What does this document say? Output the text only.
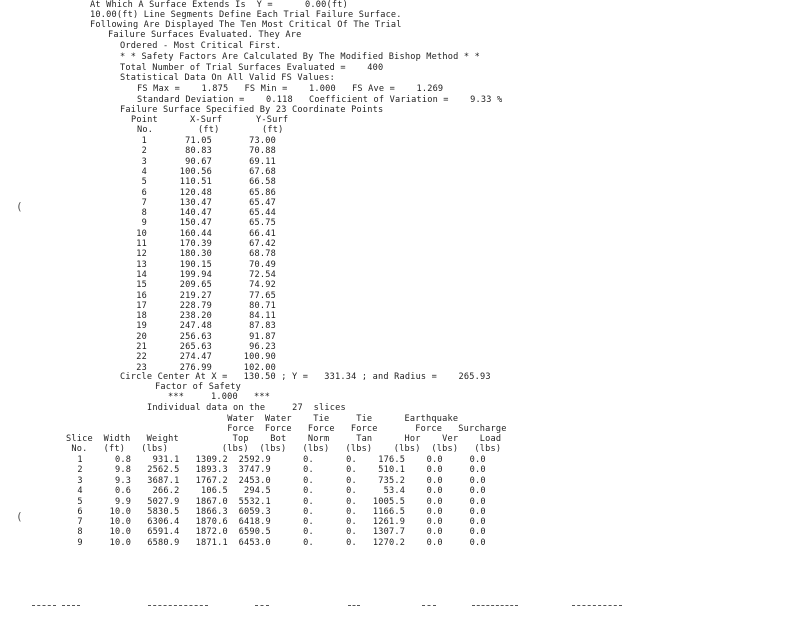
At Which A Surface Extends Is  Y =      0.00(ft)
10.00(ft) Line Segments Define Each Trial Failure Surface.
Following Are Displayed The Ten Most Critical Of The Trial
Failure Surfaces Evaluated. They Are
Ordered - Most Critical First.
* * Safety Factors Are Calculated By The Modified Bishop Method * *
Total Number of Trial Surfaces Evaluated =    400
Statistical Data On All Valid FS Values:
FS Max =    1.875   FS Min =    1.000   FS Ave =    1.269
Standard Deviation =    0.118   Coefficient of Variation =    9.33 %
Failure Surface Specified By 23 Coordinate Points
Point	X-Surf	Y-Surf
No.	(ft)	(ft)
1	71.05	73.00
2	80.83	70.88
3	90.67	69.11
4	100.56	67.68
5	110.51	66.58
6	120.48	65.86
7	130.47	65.47
8	140.47	65.44
9	150.47	65.75
10	160.44	66.41
11	170.39	67.42
12	180.30	68.78
13	190.15	70.49
14	199.94	72.54
15	209.65	74.92
16	219.27	77.65
17	228.79	80.71
18	238.20	84.11
19	247.48	87.83
20	256.63	91.87
21	265.63	96.23
22	274.47	100.90
23	276.99	102.00
Circle Center At X =   130.50 ; Y =   331.34 ; and Radius =    265.93
Factor of Safety
***     1.000   ***
Individual data on the     27  slices
Water  Water    Tie     Tie      Earthquake
Force  Force   Force   Force       Force   Surcharge
Slice  Width   Weight          Top    Bot    Norm     Tan      Hor    Ver    Load
No.   (ft)   (lbs)          (lbs)  (lbs)   (lbs)   (lbs)    (lbs)  (lbs)   (lbs)
1      0.8    931.1   1309.2  2592.9      0.      0.    176.5    0.0     0.0
2      9.8   2562.5   1893.3  3747.9      0.      0.    510.1    0.0     0.0
3      9.3   3687.1   1767.2  2453.0      0.      0.    735.2    0.0     0.0
4      0.6    266.2    106.5   294.5      0.      0.     53.4    0.0     0.0
5      9.9   5027.9   1867.0  5532.1      0.      0.   1005.5    0.0     0.0
6     10.0   5830.5   1866.3  6059.3      0.      0.   1166.5    0.0     0.0
7     10.0   6306.4   1870.6  6418.9      0.      0.   1261.9    0.0     0.0
8     10.0   6591.4   1872.0  6590.5      0.      0.   1307.7    0.0     0.0
9     10.0   6580.9   1871.1  6453.0      0.      0.   1270.2    0.0     0.0
(
(
